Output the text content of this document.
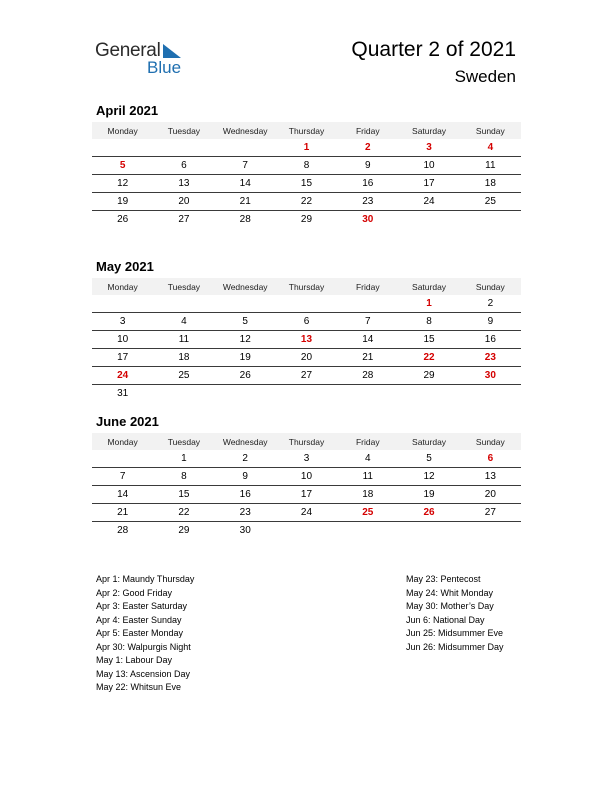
General
Blue
Quarter 2 of 2021
Sweden
April 2021
Monday	Tuesday	Wednesday	Thursday	Friday	Saturday	Sunday
			1	2	3	4
5	6	7	8	9	10	11
12	13	14	15	16	17	18
19	20	21	22	23	24	25
26	27	28	29	30		
May 2021
Monday	Tuesday	Wednesday	Thursday	Friday	Saturday	Sunday
					1	2
3	4	5	6	7	8	9
10	11	12	13	14	15	16
17	18	19	20	21	22	23
24	25	26	27	28	29	30
31						
June 2021
Monday	Tuesday	Wednesday	Thursday	Friday	Saturday	Sunday
	1	2	3	4	5	6
7	8	9	10	11	12	13
14	15	16	17	18	19	20
21	22	23	24	25	26	27
28	29	30				
Apr 1: Maundy Thursday
Apr 2: Good Friday
Apr 3: Easter Saturday
Apr 4: Easter Sunday
Apr 5: Easter Monday
Apr 30: Walpurgis Night
May 1: Labour Day
May 13: Ascension Day
May 22: Whitsun Eve
May 23: Pentecost
May 24: Whit Monday
May 30: Mother’s Day
Jun 6: National Day
Jun 25: Midsummer Eve
Jun 26: Midsummer Day
